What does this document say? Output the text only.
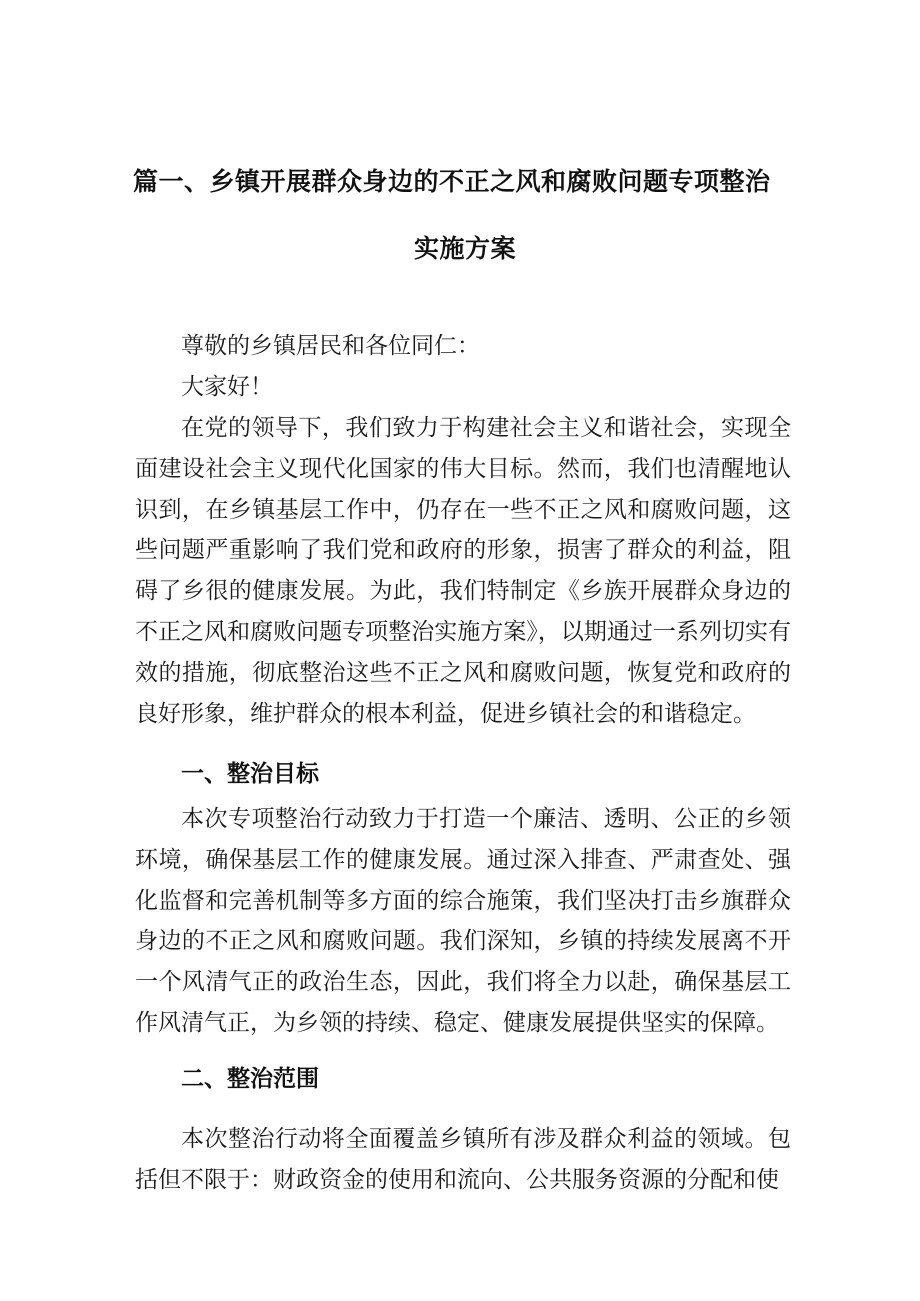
篇一、乡镇开展群众身边的不正之风和腐败问题专项整治
实施方案

尊敬的乡镇居民和各位同仁：

大家好！

在党的领导下，我们致力于构建社会主义和谐社会，实现全面建设社会主义现代化国家的伟大目标。然而，我们也清醒地认识到，在乡镇基层工作中，仍存在一些不正之风和腐败问题，这些问题严重影响了我们党和政府的形象，损害了群众的利益，阻碍了乡很的健康发展。为此，我们特制定《乡族开展群众身边的不正之风和腐败问题专项整治实施方案》，以期通过一系列切实有效的措施，彻底整治这些不正之风和腐败问题，恢复党和政府的良好形象，维护群众的根本利益，促进乡镇社会的和谐稳定。

一、整治目标

本次专项整治行动致力于打造一个廉洁、透明、公正的乡领环境，确保基层工作的健康发展。通过深入排查、严肃查处、强化监督和完善机制等多方面的综合施策，我们坚决打击乡旗群众身边的不正之风和腐败问题。我们深知，乡镇的持续发展离不开一个风清气正的政治生态，因此，我们将全力以赴，确保基层工作风清气正，为乡领的持续、稳定、健康发展提供坚实的保障。

二、整治范围

本次整治行动将全面覆盖乡镇所有涉及群众利益的领域。包括但不限于：财政资金的使用和流向、公共服务资源的分配和使
